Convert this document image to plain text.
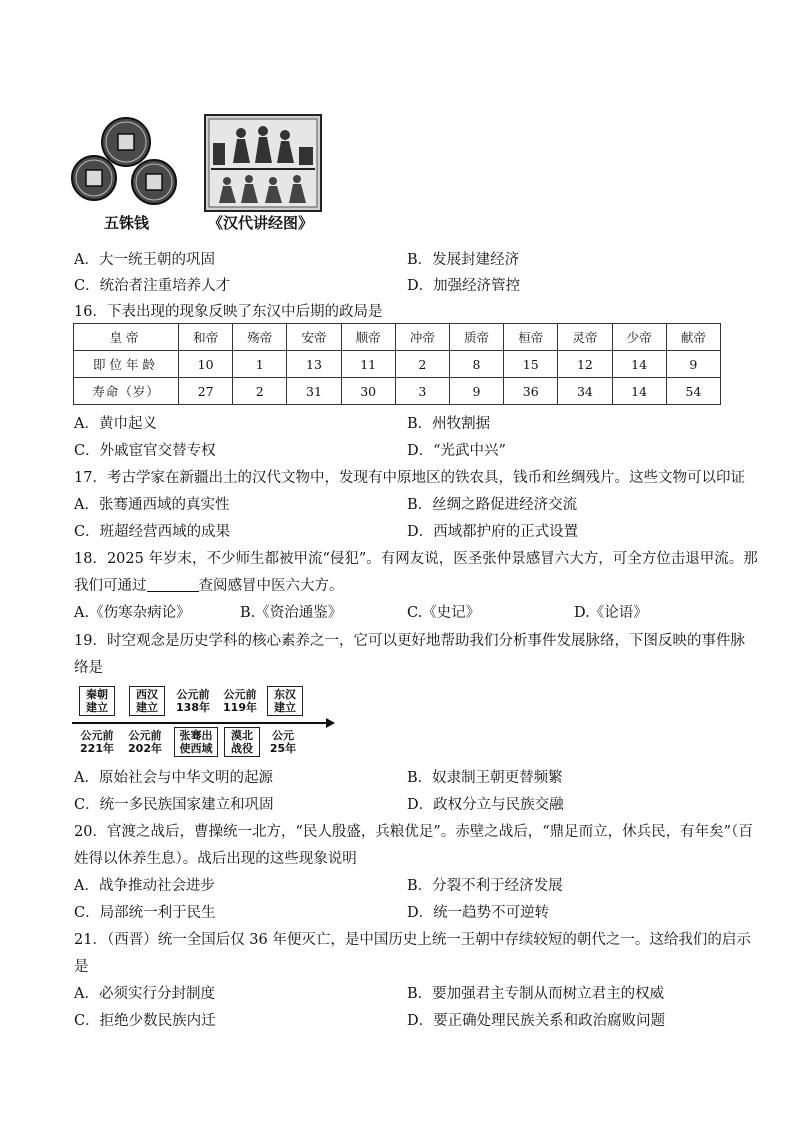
五铢钱	《汉代讲经图》
A．大一统王朝的巩固	B．发展封建经济
C．统治者注重培养人才	D．加强经济管控
16．下表出现的现象反映了东汉中后期的政局是
皇帝	和帝	殇帝	安帝	顺帝	冲帝	质帝	桓帝	灵帝	少帝	献帝
即位年龄	10	1	13	11	2	8	15	12	14	9
寿命（岁）	27	2	31	30	3	9	36	34	14	54
A．黄巾起义	B．州牧割据
C．外戚宦官交替专权	D．“光武中兴”
17．考古学家在新疆出土的汉代文物中，发现有中原地区的铁农具，钱币和丝绸残片。这些文物可以印证
A．张骞通西域的真实性	B．丝绸之路促进经济交流
C．班超经营西域的成果	D．西域都护府的正式设置
18．2025 年岁末，不少师生都被甲流“侵犯”。有网友说，医圣张仲景感冒六大方，可全方位击退甲流。那
我们可通过	查阅感冒中医六大方。
A.《伤寒杂病论》	B.《资治通鉴》	C.《史记》	D.《论语》
19．时空观念是历史学科的核心素养之一，它可以更好地帮助我们分析事件发展脉络，下图反映的事件脉
络是
秦朝建立
西汉建立
公元前138年
公元前119年
东汉建立
公元前221年
公元前202年
张骞出使西域
漠北战役
公元25年
A．原始社会与中华文明的起源	B．奴隶制王朝更替频繁
C．统一多民族国家建立和巩固	D．政权分立与民族交融
20．官渡之战后，曹操统一北方，“民人殷盛，兵粮优足”。赤壁之战后，“鼎足而立，休兵民，有年矣”（百
姓得以休养生息）。战后出现的这些现象说明
A．战争推动社会进步	B．分裂不利于经济发展
C．局部统一利于民生	D．统一趋势不可逆转
21．（西晋）统一全国后仅 36 年便灭亡，是中国历史上统一王朝中存续较短的朝代之一。这给我们的启示
是
A．必须实行分封制度	B．要加强君主专制从而树立君主的权威
C．拒绝少数民族内迁	D．要正确处理民族关系和政治腐败问题
